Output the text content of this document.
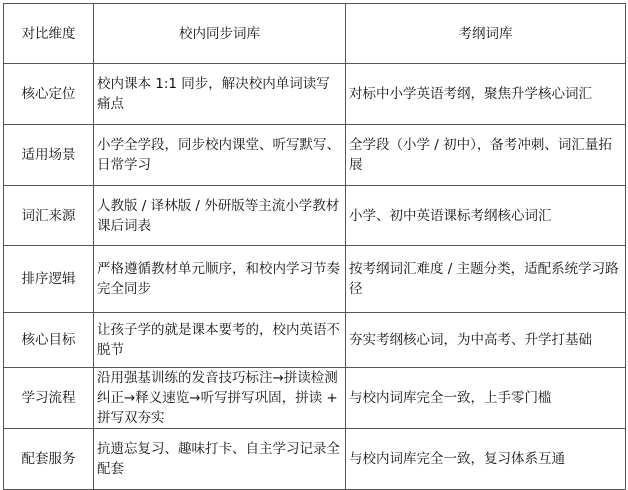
对比维度	校内同步词库	考纲词库
核心定位	校内课本 1:1 同步，解决校内单词读写痛点	对标中小学英语考纲，聚焦升学核心词汇
适用场景	小学全学段，同步校内课堂、听写默写、日常学习	全学段（小学 / 初中），备考冲刺、词汇量拓展
词汇来源	人教版 / 译林版 / 外研版等主流小学教材课后词表	小学、初中英语课标考纲核心词汇
排序逻辑	严格遵循教材单元顺序，和校内学习节奏完全同步	按考纲词汇难度 / 主题分类，适配系统学习路径
核心目标	让孩子学的就是课本要考的，校内英语不脱节	夯实考纲核心词，为中高考、升学打基础
学习流程	沿用强基训练的发音技巧标注→拼读检测纠正→释义速览→听写拼写巩固，拼读 + 拼写双夯实	与校内词库完全一致，上手零门槛
配套服务	抗遗忘复习、趣味打卡、自主学习记录全配套	与校内词库完全一致，复习体系互通
